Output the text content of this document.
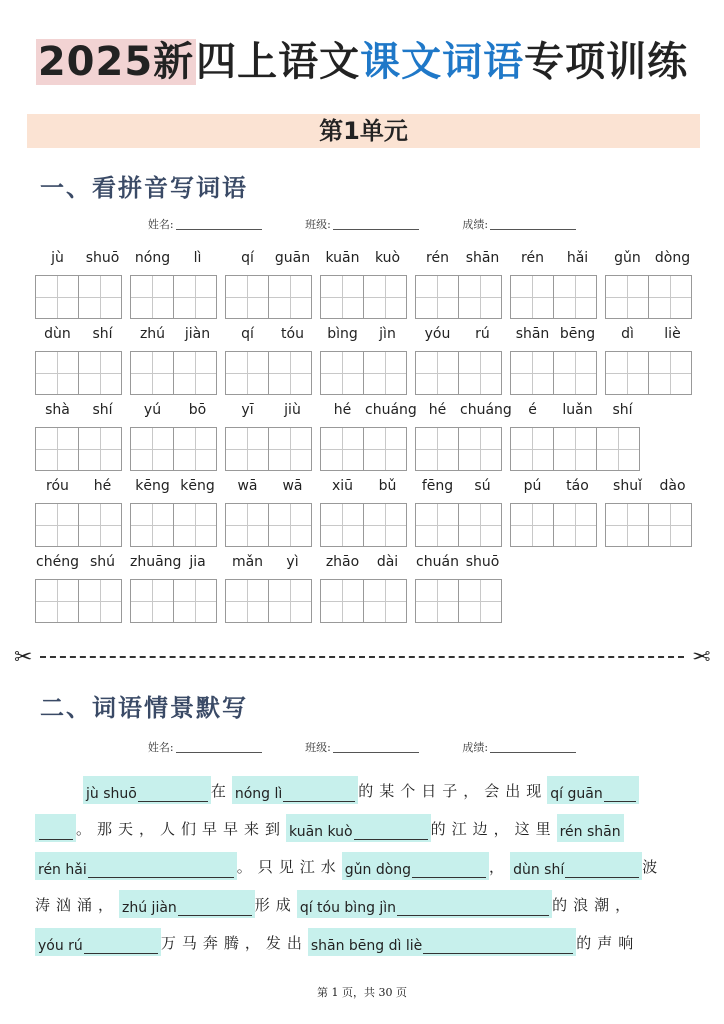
2025新四上语文课文词语专项训练
第1单元
一、看拼音写词语
姓名:	班级:	成绩:
jù	shuō	nóng	lì	qí	guān	kuān	kuò	rén	shān	rén	hǎi	gǔn	dòng
dùn	shí	zhú	jiàn	qí	tóu	bìng	jìn	yóu	rú	shān bēng	dì	liè
shà	shí	yú	bō	yī	jiù	hé chuáng hé chuáng	é	luǎn	shí
róu	hé	kēng kēng	wā	wā	xiū	bǔ	fēng	sú	pú	táo	shuǐ	dào
chéng shú	zhuāng jia	mǎn	yì	zhāo	dài	chuán shuō
✂	✂
二、词语情景默写
姓名:	班级:	成绩:
jù shuō	在 nóng lì	的某个日子，会出现 qí guān
。那天，人们早早来到 kuān kuò	的江边，这里 rén shān
rén hǎi	。只见江水 gǔn dòng	， dùn shí	波
涛汹涌， zhú jiàn	形成 qí tóu bìng jìn	的浪潮，
yóu rú	万马奔腾，发出 shān bēng dì liè	的声响
第 1 页，共 30 页
